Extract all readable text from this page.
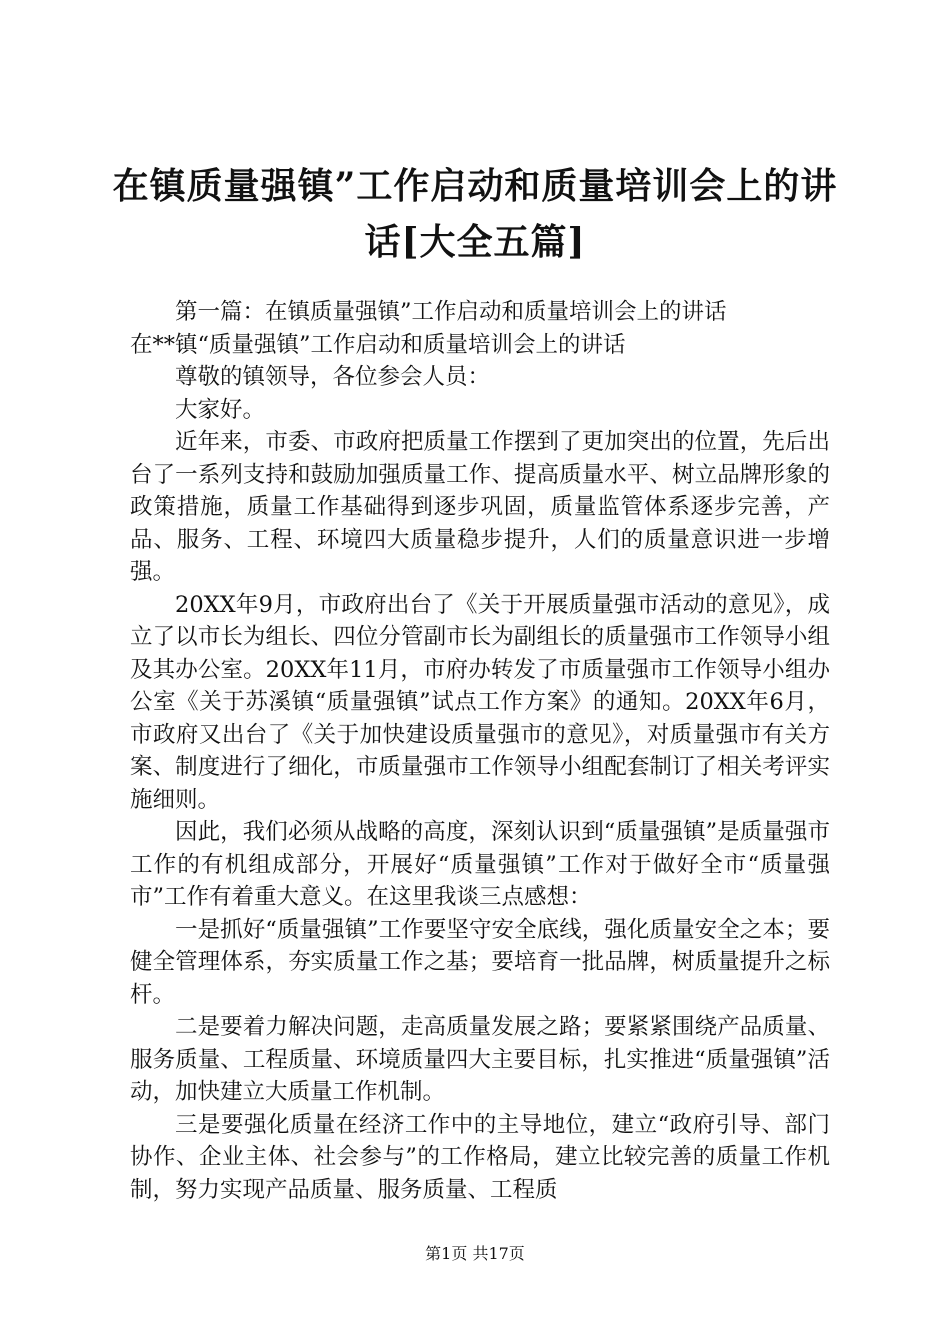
在镇质量强镇”工作启动和质量培训会上的讲话[大全五篇]

第一篇：在镇质量强镇”工作启动和质量培训会上的讲话

在**镇“质量强镇”工作启动和质量培训会上的讲话

尊敬的镇领导，各位参会人员：

大家好。

近年来，市委、市政府把质量工作摆到了更加突出的位置，先后出台了一系列支持和鼓励加强质量工作、提高质量水平、树立品牌形象的政策措施，质量工作基础得到逐步巩固，质量监管体系逐步完善，产品、服务、工程、环境四大质量稳步提升，人们的质量意识进一步增强。

20XX年9月，市政府出台了《关于开展质量强市活动的意见》，成立了以市长为组长、四位分管副市长为副组长的质量强市工作领导小组及其办公室。20XX年11月，市府办转发了市质量强市工作领导小组办公室《关于苏溪镇“质量强镇”试点工作方案》的通知。20XX年6月，市政府又出台了《关于加快建设质量强市的意见》，对质量强市有关方案、制度进行了细化，市质量强市工作领导小组配套制订了相关考评实施细则。

因此，我们必须从战略的高度，深刻认识到“质量强镇”是质量强市工作的有机组成部分，开展好“质量强镇”工作对于做好全市“质量强市”工作有着重大意义。在这里我谈三点感想：

一是抓好“质量强镇”工作要坚守安全底线，强化质量安全之本；要健全管理体系，夯实质量工作之基；要培育一批品牌，树质量提升之标杆。

二是要着力解决问题，走高质量发展之路；要紧紧围绕产品质量、服务质量、工程质量、环境质量四大主要目标，扎实推进“质量强镇”活动，加快建立大质量工作机制。

三是要强化质量在经济工作中的主导地位，建立“政府引导、部门协作、企业主体、社会参与”的工作格局，建立比较完善的质量工作机制，努力实现产品质量、服务质量、工程质

第1页 共17页
